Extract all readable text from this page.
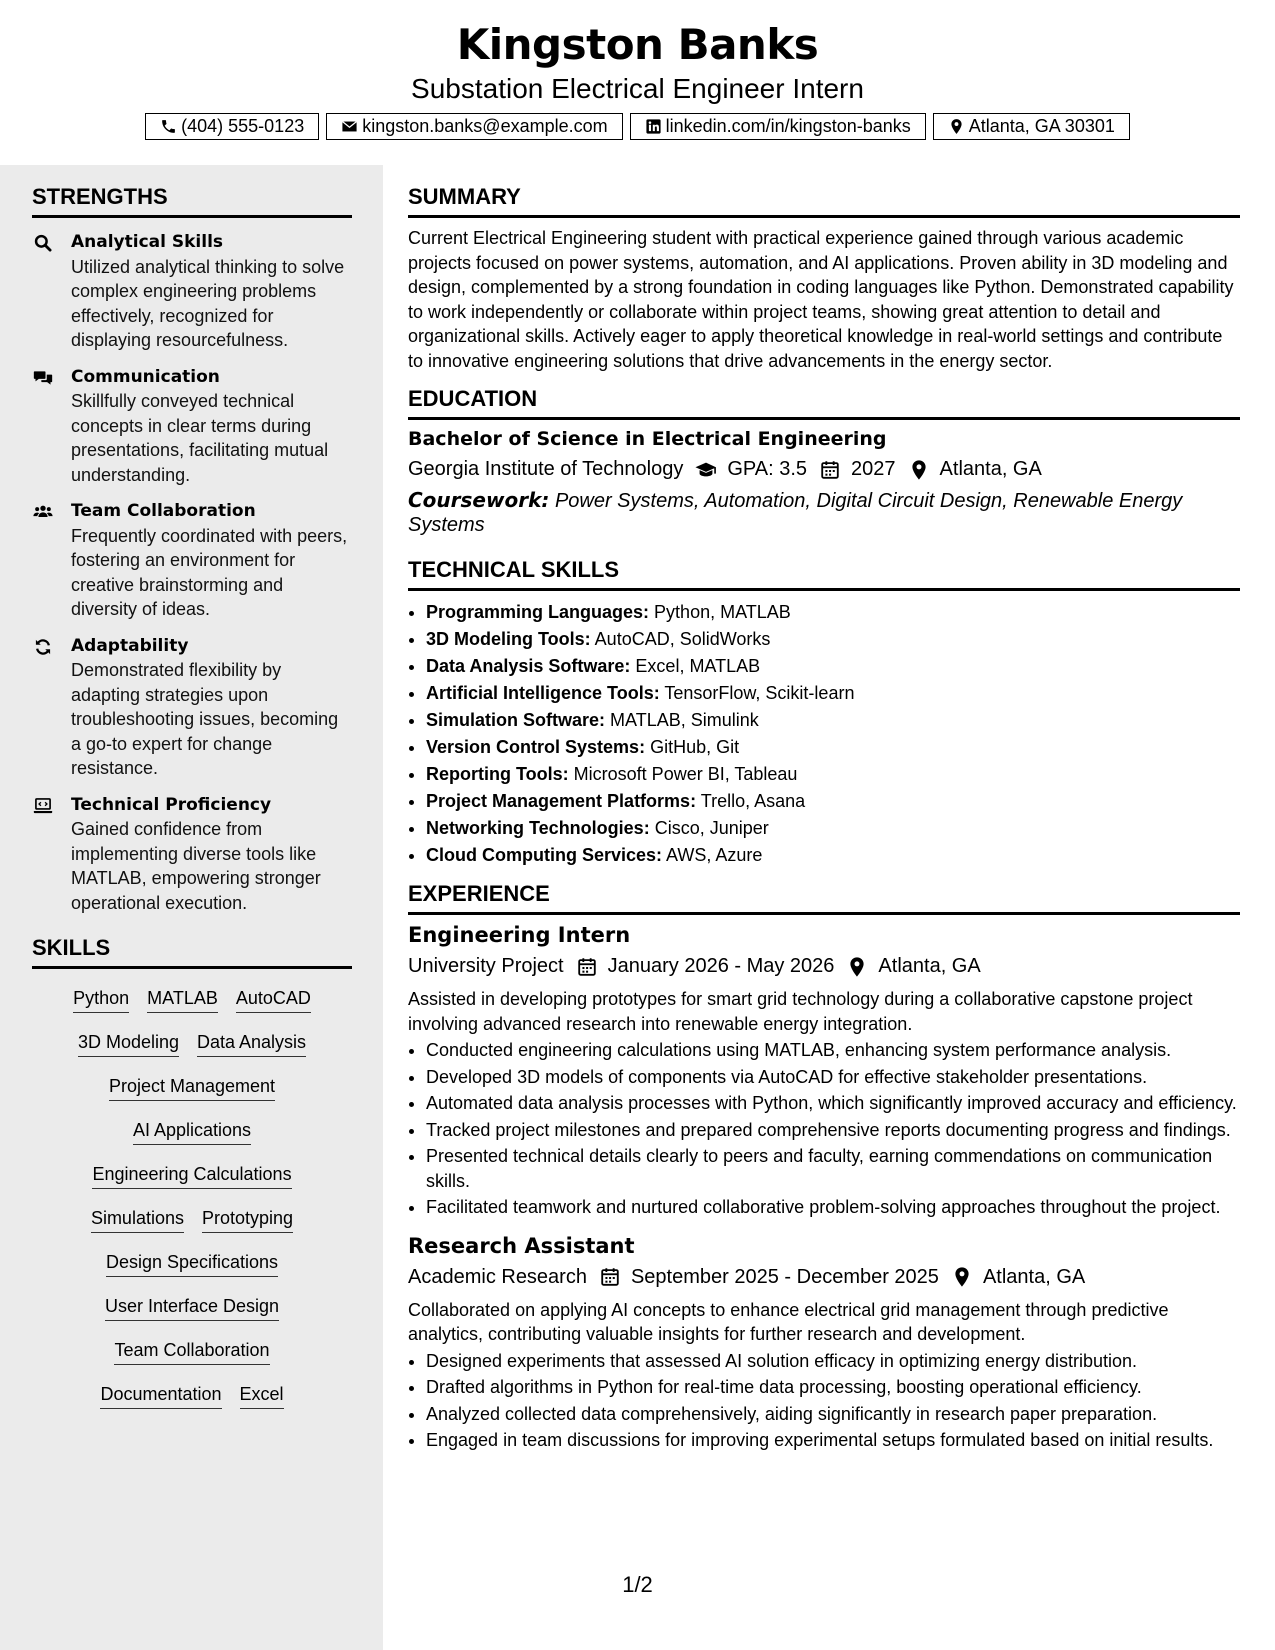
Kingston Banks
Substation Electrical Engineer Intern
(404) 555-0123	kingston.banks@example.com	linkedin.com/in/kingston-banks	Atlanta, GA 30301
STRENGTHS
Analytical Skills
Utilized analytical thinking to solve complex engineering problems effectively, recognized for displaying resourcefulness.
Communication
Skillfully conveyed technical concepts in clear terms during presentations, facilitating mutual understanding.
Team Collaboration
Frequently coordinated with peers, fostering an environment for creative brainstorming and diversity of ideas.
Adaptability
Demonstrated flexibility by adapting strategies upon troubleshooting issues, becoming a go-to expert for change resistance.
Technical Proficiency
Gained confidence from implementing diverse tools like MATLAB, empowering stronger operational execution.
SKILLS
Python MATLAB AutoCAD
3D Modeling Data Analysis
Project Management
AI Applications
Engineering Calculations
Simulations Prototyping
Design Specifications
User Interface Design
Team Collaboration
Documentation Excel
SUMMARY
Current Electrical Engineering student with practical experience gained through various academic projects focused on power systems, automation, and AI applications. Proven ability in 3D modeling and design, complemented by a strong foundation in coding languages like Python. Demonstrated capability to work independently or collaborate within project teams, showing great attention to detail and organizational skills. Actively eager to apply theoretical knowledge in real-world settings and contribute to innovative engineering solutions that drive advancements in the energy sector.
EDUCATION
Bachelor of Science in Electrical Engineering
Georgia Institute of Technology GPA: 3.5 2027 Atlanta, GA
Coursework: Power Systems, Automation, Digital Circuit Design, Renewable Energy Systems
TECHNICAL SKILLS
• Programming Languages: Python, MATLAB
• 3D Modeling Tools: AutoCAD, SolidWorks
• Data Analysis Software: Excel, MATLAB
• Artificial Intelligence Tools: TensorFlow, Scikit-learn
• Simulation Software: MATLAB, Simulink
• Version Control Systems: GitHub, Git
• Reporting Tools: Microsoft Power BI, Tableau
• Project Management Platforms: Trello, Asana
• Networking Technologies: Cisco, Juniper
• Cloud Computing Services: AWS, Azure
EXPERIENCE
Engineering Intern
University Project January 2026 - May 2026 Atlanta, GA
Assisted in developing prototypes for smart grid technology during a collaborative capstone project involving advanced research into renewable energy integration.
• Conducted engineering calculations using MATLAB, enhancing system performance analysis.
• Developed 3D models of components via AutoCAD for effective stakeholder presentations.
• Automated data analysis processes with Python, which significantly improved accuracy and efficiency.
• Tracked project milestones and prepared comprehensive reports documenting progress and findings.
• Presented technical details clearly to peers and faculty, earning commendations on communication skills.
• Facilitated teamwork and nurtured collaborative problem-solving approaches throughout the project.
Research Assistant
Academic Research September 2025 - December 2025 Atlanta, GA
Collaborated on applying AI concepts to enhance electrical grid management through predictive analytics, contributing valuable insights for further research and development.
• Designed experiments that assessed AI solution efficacy in optimizing energy distribution.
• Drafted algorithms in Python for real-time data processing, boosting operational efficiency.
• Analyzed collected data comprehensively, aiding significantly in research paper preparation.
• Engaged in team discussions for improving experimental setups formulated based on initial results.
1/2
